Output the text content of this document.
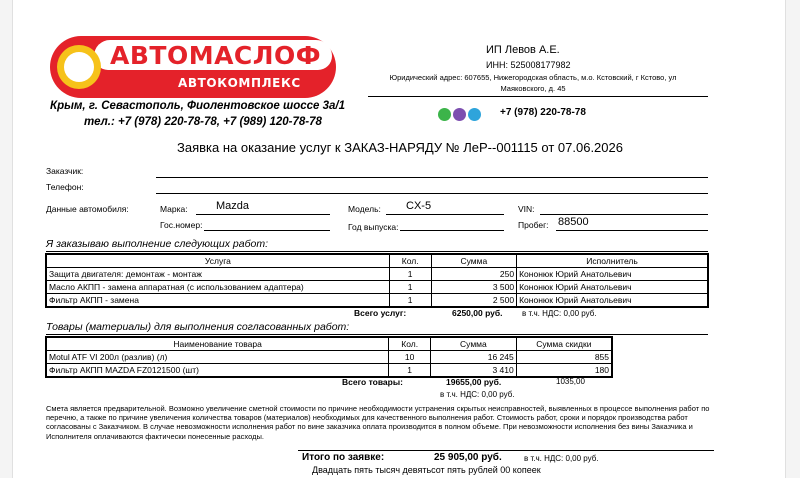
АВТОМАСЛОФ
АВТОКОМПЛЕКС
Крым, г. Севастополь, Фиолентовское шоссе 3а/1
тел.: +7 (978) 220-78-78, +7 (989) 120-78-78
ИП Левов А.Е.
ИНН: 525008177982
Юридический адрес: 607655, Нижегородская область, м.о. Кстовский, г Кстово, ул Маяковского, д. 45
+7 (978) 220-78-78
Заявка на оказание услуг к ЗАКАЗ-НАРЯДУ № ЛеР--001115 от 07.06.2026
Заказчик:
Телефон:
Данные автомобиля:	Марка:	Mazda	Модель: CX-5	VIN:
Гос.номер:	Год выпуска:	Пробег: 88500
Я заказываю выполнение следующих работ:
Услуга	Кол.	Сумма	Исполнитель
Защита двигателя: демонтаж - монтаж	1	250	Кононюк Юрий Анатольевич
Масло АКПП - замена аппаратная (с использованием адаптера)	1	3 500	Кононюк Юрий Анатольевич
Фильтр АКПП - замена	1	2 500	Кононюк Юрий Анатольевич
Всего услуг:	6250,00 руб. в т.ч. НДС: 0,00 руб.
Товары (материалы) для выполнения согласованных работ:
Наименование товара	Кол.	Сумма	Сумма скидки
Motul ATF VI 200л (разлив) (л)	10	16 245	855
Фильтр АКПП MAZDA FZ0121500 (шт)	1	3 410	180
Всего товары:	19655,00 руб.	1035,00
в т.ч. НДС: 0,00 руб.
Смета является предварительной. Возможно увеличение сметной стоимости по причине необходимости устранения скрытых неисправностей, выявленных в процессе выполнения работ по перечню, а также по причине увеличения количества товаров (материалов) необходимых для качественного выполнения работ. Стоимость работ, сроки и порядок производства работ согласованы с Заказчиком. В случае невозможности исполнения работ по вине заказчика оплата производится в полном объеме. При невозможности исполнения без вины Заказчика и Исполнителя оплачиваются фактически понесенные расходы.
Итого по заявке:	25 905,00 руб.	в т.ч. НДС: 0,00 руб.
Двадцать пять тысяч девятьсот пять рублей 00 копеек
